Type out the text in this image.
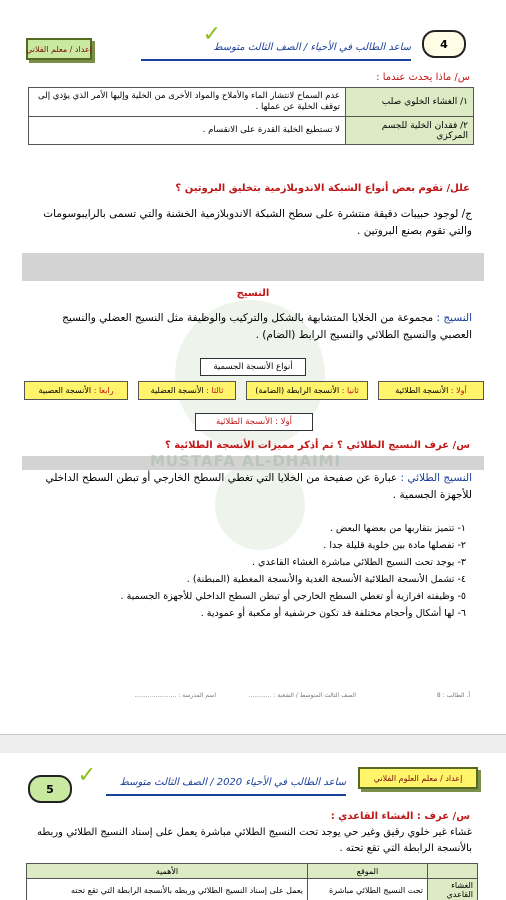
4
ساعد الطالب في الأحياء / الصف الثالث متوسط
✓
إعداد / معلم الفلاني
س/ ماذا يحدث عندما :
١/ الغشاء الخلوي صلب	عدم السماح لانتشار الماء والأملاح والمواد الأخرى من الخلية وإليها الأمر الذي يؤدي إلى توقف الخلية عن عملها .
٢/ فقدان الخلية للجسم المركزي	لا تستطيع الخلية القدرة على الانقسام .
علل/ تقوم بعض أنواع الشبكة الاندوبلازمية بتخليق البروتين ؟
ج/ لوجود حبيبات دقيقة منتشرة على سطح الشبكة الاندوبلازمية الخشنة والتي تسمى بالرايبوسومات والتي تقوم بصنع البروتين .
النسيج
النسيج : مجموعة من الخلايا المتشابهة بالشكل والتركيب والوظيفة مثل النسيج العضلي والنسيج العصبي والنسيج الطلائي والنسيج الرابط (الضام) .
أنواع الأنسجة الجسمية
أولا :

الأنسجة الطلائية
ثانيا :

الأنسجة الرابطة (الضامة)
ثالثا :

الأنسجة العضلية
رابعا :

الأنسجة العصبية
أولا : الأنسجة الطلائية
س/ عرف النسيج الطلائي ؟ ثم أذكر مميزات الأنسجة الطلائية ؟
MUSTAFA AL-DHAIMI
النسيج الطلائي : عبارة عن صفيحة من الخلايا التي تغطي السطح الخارجي أو تبطن السطح الداخلي للأجهزة الجسمية .
١- تتميز بتقاربها من بعضها البعض .
٢- تفصلها مادة بين خلوية قليلة جدا .
٣- يوجد تحت النسيج الطلائي مباشرة الغشاء القاعدي .
٤- تشمل الأنسجة الطلائية الأنسجة الغدية والأنسجة المغطية (المبطنة) .
٥- وظيفته افرازية أو تغطي السطح الخارجي أو تبطن السطح الداخلي للأجهزة الجسمية .
٦- لها أشكال وأحجام مختلفة قد تكون حرشفية أو مكعبة أو عمودية .
أ. الطالب : 8
الصف الثالث المتوسط / الشعبة : ............
اسم المدرسة : ......................
إعداد / معلم العلوم الفلاني
ساعد الطالب في الأحياء 2020 / الصف الثالث متوسط
✓
5
س/ عرف : الغشاء القاعدي :
غشاء غير خلوي رقيق وغير حي يوجد تحت النسيج الطلائي مباشرة يعمل على إسناد النسيج الطلائي وربطه بالأنسجة الرابطة التي تقع تحته .
	الموقع	الأهمية
الغشاء القاعدي	تحت النسيج الطلائي مباشرة	يعمل على إسناد النسيج الطلائي وربطه بالأنسجة الرابطة التي تقع تحته
